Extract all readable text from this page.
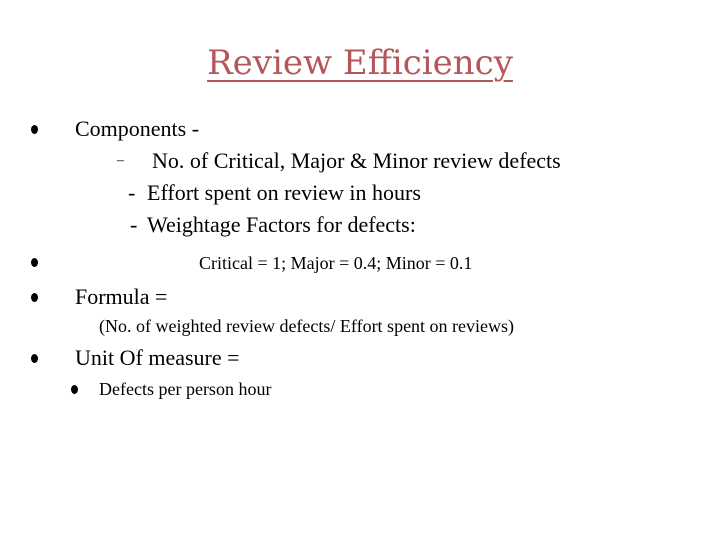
Review Efficiency
Components -
– No. of Critical, Major & Minor review defects
- Effort spent on review in hours
- Weightage Factors for defects:
Critical = 1; Major = 0.4; Minor = 0.1
Formula =
(No. of weighted review defects/ Effort spent on reviews)
Unit Of measure =
Defects per person hour
